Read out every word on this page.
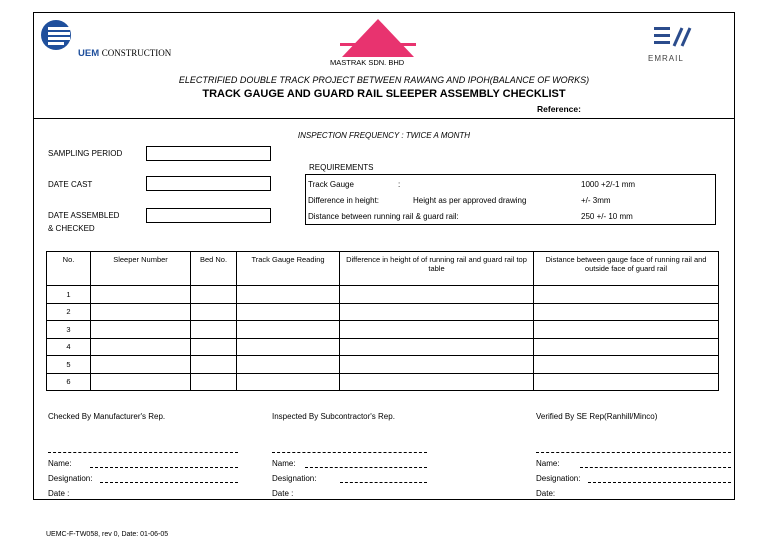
UEM CONSTRUCTION
MASTRAK SDN. BHD	EMRAIL
ELECTRIFIED DOUBLE TRACK PROJECT BETWEEN RAWANG AND IPOH(BALANCE OF WORKS)
TRACK GAUGE AND GUARD RAIL SLEEPER ASSEMBLY CHECKLIST
Reference:
INSPECTION FREQUENCY : TWICE A MONTH
SAMPLING PERIOD
DATE CAST
DATE ASSEMBLED
& CHECKED
REQUIREMENTS
Track Gauge	:	1000 +2/-1 mm
Difference in height:	Height as per approved drawing	+/- 3mm
Distance between running rail & guard rail:	250 +/- 10 mm
No.	Sleeper Number	Bed No.	Track Gauge Reading	Difference in height of of running rail and guard rail top table	Distance between gauge face of running rail and outside face of guard rail
1					
2					
3					
4					
5					
6					
Checked By Manufacturer's Rep.	Inspected By Subcontractor's Rep.	Verified By SE Rep(Ranhill/Minco)
Name:
Designation:
Date :
Name:
Designation:
Date :
Name:
Designation:
Date:
UEMC-F-TW058, rev 0, Date: 01-06-05
